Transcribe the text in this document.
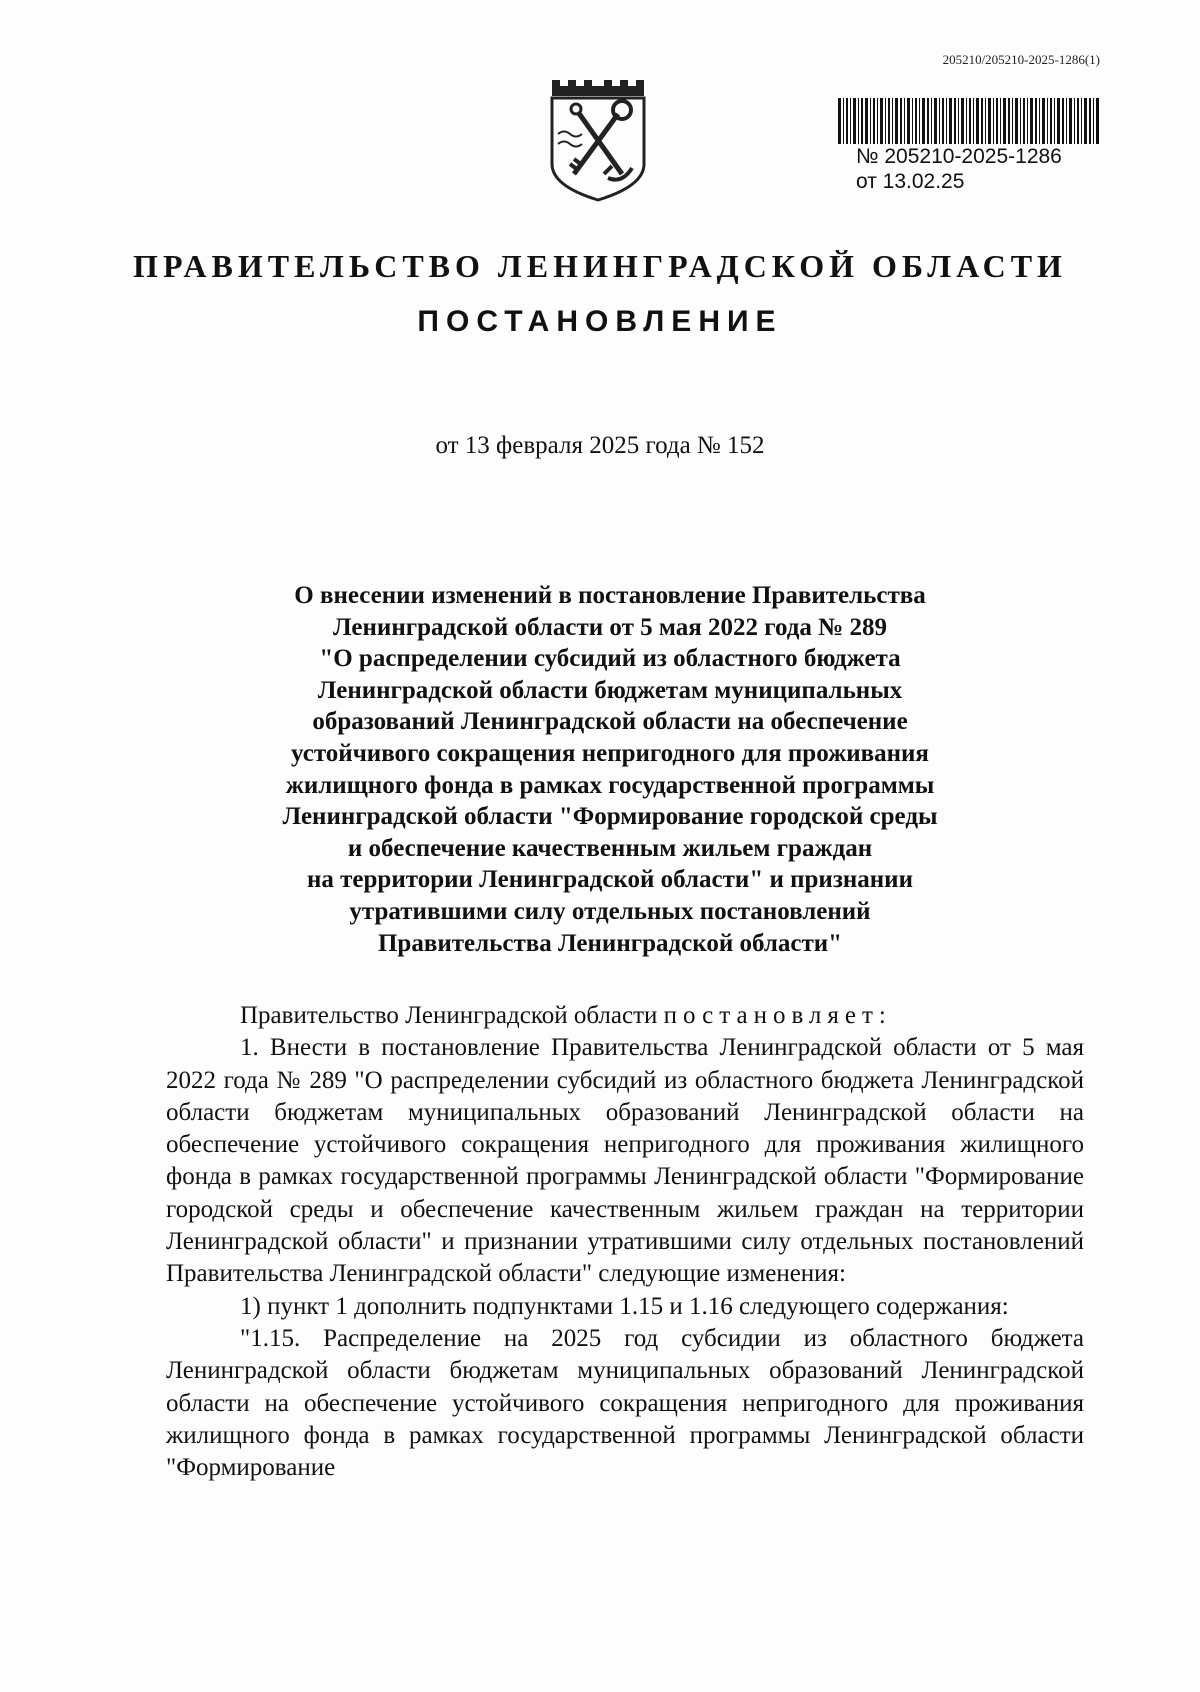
205210/205210-2025-1286(1)
№ 205210-2025-1286
от 13.02.25
ПРАВИТЕЛЬСТВО ЛЕНИНГРАДСКОЙ ОБЛАСТИ
ПОСТАНОВЛЕНИЕ
от 13 февраля 2025 года № 152
О внесении изменений в постановление Правительства
Ленинградской области от 5 мая 2022 года № 289
"О распределении субсидий из областного бюджета
Ленинградской области бюджетам муниципальных
образований Ленинградской области на обеспечение
устойчивого сокращения непригодного для проживания
жилищного фонда в рамках государственной программы
Ленинградской области "Формирование городской среды
и обеспечение качественным жильем граждан
на территории Ленинградской области" и признании
утратившими силу отдельных постановлений
Правительства Ленинградской области"

Правительство Ленинградской области постановляет:

1. Внести в постановление Правительства Ленинградской области от 5 мая 2022 года № 289 "О распределении субсидий из областного бюджета Ленинградской области бюджетам муниципальных образований Ленинградской области на обеспечение устойчивого сокращения непригодного для проживания жилищного фонда в рамках государственной программы Ленинградской области "Формирование городской среды и обеспечение качественным жильем граждан на территории Ленинградской области" и признании утратившими силу отдельных постановлений Правительства Ленинградской области" следующие изменения:

1) пункт 1 дополнить подпунктами 1.15 и 1.16 следующего содержания:

"1.15. Распределение на 2025 год субсидии из областного бюджета Ленинградской области бюджетам муниципальных образований Ленинградской области на обеспечение устойчивого сокращения непригодного для проживания жилищного фонда в рамках государственной программы Ленинградской области "Формирование
